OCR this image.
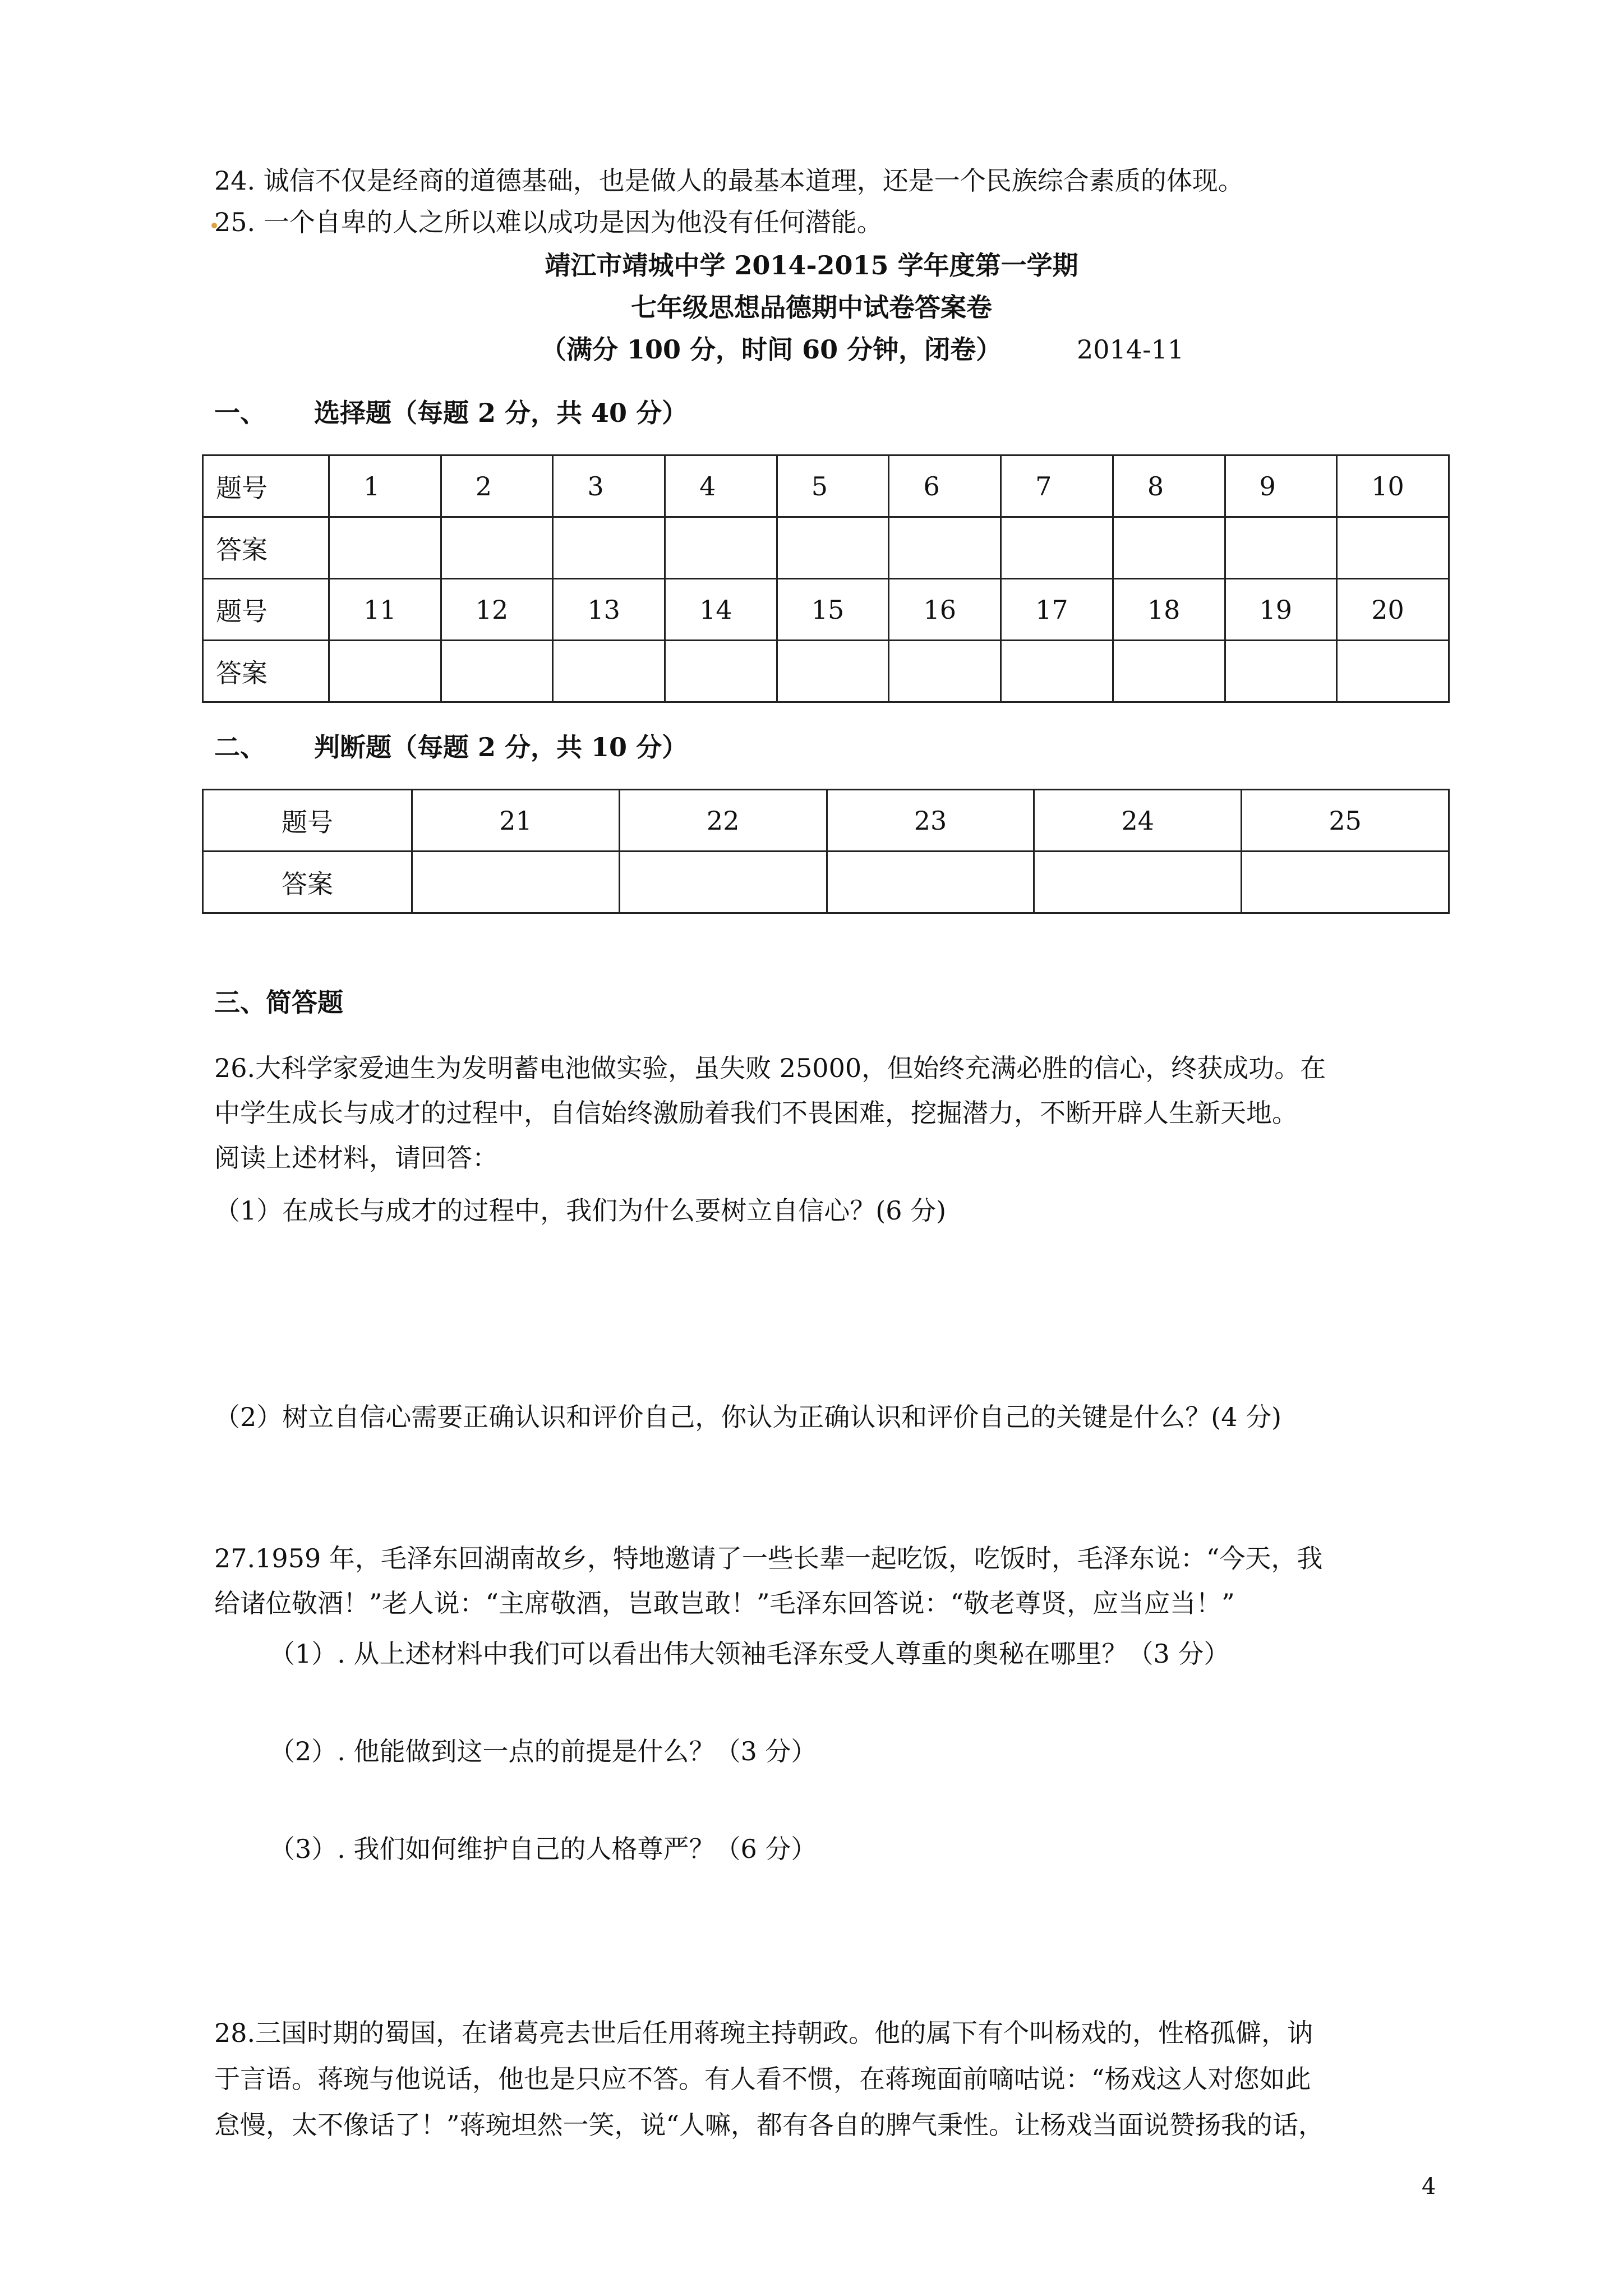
24. 诚信不仅是经商的道德基础，也是做人的最基本道理，还是一个民族综合素质的体现。
25. 一个自卑的人之所以难以成功是因为他没有任何潜能。
靖江市靖城中学 2014-2015 学年度第一学期
七年级思想品德期中试卷答案卷
（满分 100 分，时间 60 分钟，闭卷）	2014-11
一、 选择题（每题 2 分，共 40 分）
题号	1	2	3	4	5	6	7	8	9	10
答案										
题号	11	12	13	14	15	16	17	18	19	20
答案										
二、 判断题（每题 2 分，共 10 分）
题号	21	22	23	24	25
答案					
三、简答题
26.大科学家爱迪生为发明蓄电池做实验，虽失败 25000，但始终充满必胜的信心，终获成功。在
中学生成长与成才的过程中，自信始终激励着我们不畏困难，挖掘潜力，不断开辟人生新天地。
阅读上述材料，请回答：
（1）在成长与成才的过程中，我们为什么要树立自信心？(6 分)
（2）树立自信心需要正确认识和评价自己，你认为正确认识和评价自己的关键是什么？(4 分)
27.1959 年，毛泽东回湖南故乡，特地邀请了一些长辈一起吃饭，吃饭时，毛泽东说：“今天，我
给诸位敬酒！”老人说：“主席敬酒，岂敢岂敢！”毛泽东回答说：“敬老尊贤，应当应当！”
（1）. 从上述材料中我们可以看出伟大领袖毛泽东受人尊重的奥秘在哪里？（3 分）
（2）. 他能做到这一点的前提是什么？（3 分）
（3）. 我们如何维护自己的人格尊严？（6 分）
28.三国时期的蜀国，在诸葛亮去世后任用蒋琬主持朝政。他的属下有个叫杨戏的，性格孤僻，讷
于言语。蒋琬与他说话，他也是只应不答。有人看不惯，在蒋琬面前嘀咕说：“杨戏这人对您如此
怠慢，太不像话了！”蒋琬坦然一笑，说“人嘛，都有各自的脾气秉性。让杨戏当面说赞扬我的话，
4
